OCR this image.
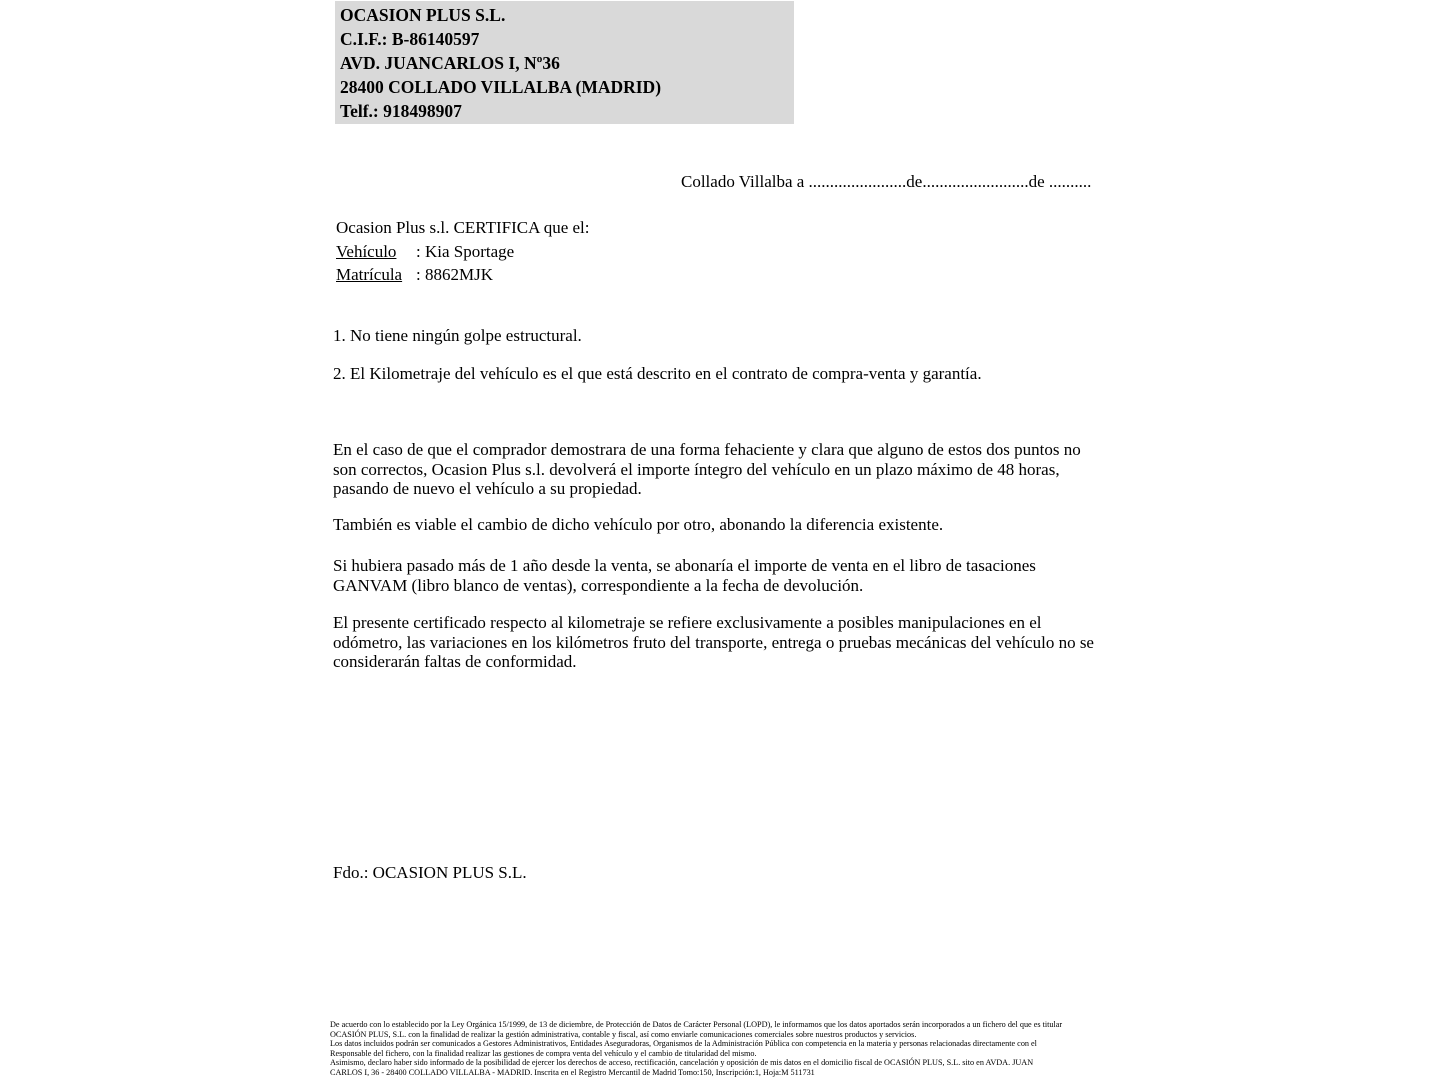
OCASION PLUS S.L.
C.I.F.: B-86140597
AVD. JUANCARLOS I, Nº36
28400 COLLADO VILLALBA (MADRID)
Telf.: 918498907
Collado Villalba a .......................de.........................de ..........
Ocasion Plus s.l. CERTIFICA que el:
Vehículo : Kia Sportage
Matrícula : 8862MJK
1. No tiene ningún golpe estructural.
2. El Kilometraje del vehículo es el que está descrito en el contrato de compra-venta y garantía.
En el caso de que el comprador demostrara de una forma fehaciente y clara que alguno de estos dos puntos no son correctos, Ocasion Plus s.l. devolverá el importe íntegro del vehículo en un plazo máximo de 48 horas, pasando de nuevo el vehículo a su propiedad.
También es viable el cambio de dicho vehículo por otro, abonando la diferencia existente.
Si hubiera pasado más de 1 año desde la venta, se abonaría el importe de venta en el libro de tasaciones GANVAM (libro blanco de ventas), correspondiente a la fecha de devolución.
El presente certificado respecto al kilometraje se refiere exclusivamente a posibles manipulaciones en el odómetro, las variaciones en los kilómetros fruto del transporte, entrega o pruebas mecánicas del vehículo no se considerarán faltas de conformidad.
Fdo.: OCASION PLUS S.L.
De acuerdo con lo establecido por la Ley Orgánica 15/1999, de 13 de diciembre, de Protección de Datos de Carácter Personal (LOPD), le informamos que los datos aportados serán incorporados a un fichero del que es titular
OCASIÓN PLUS, S.L. con la finalidad de realizar la gestión administrativa, contable y fiscal, así como enviarle comunicaciones comerciales sobre nuestros productos y servicios.
Los datos incluidos podrán ser comunicados a Gestores Administrativos, Entidades Aseguradoras, Organismos de la Administración Pública con competencia en la materia y personas relacionadas directamente con el
Responsable del fichero, con la finalidad realizar las gestiones de compra venta del vehículo y el cambio de titularidad del mismo.
Asimismo, declaro haber sido informado de la posibilidad de ejercer los derechos de acceso, rectificación, cancelación y oposición de mis datos en el domicilio fiscal de OCASIÓN PLUS, S.L. sito en AVDA. JUAN
CARLOS I, 36 - 28400 COLLADO VILLALBA - MADRID. Inscrita en el Registro Mercantil de Madrid Tomo:150, Inscripción:1, Hoja:M 511731
